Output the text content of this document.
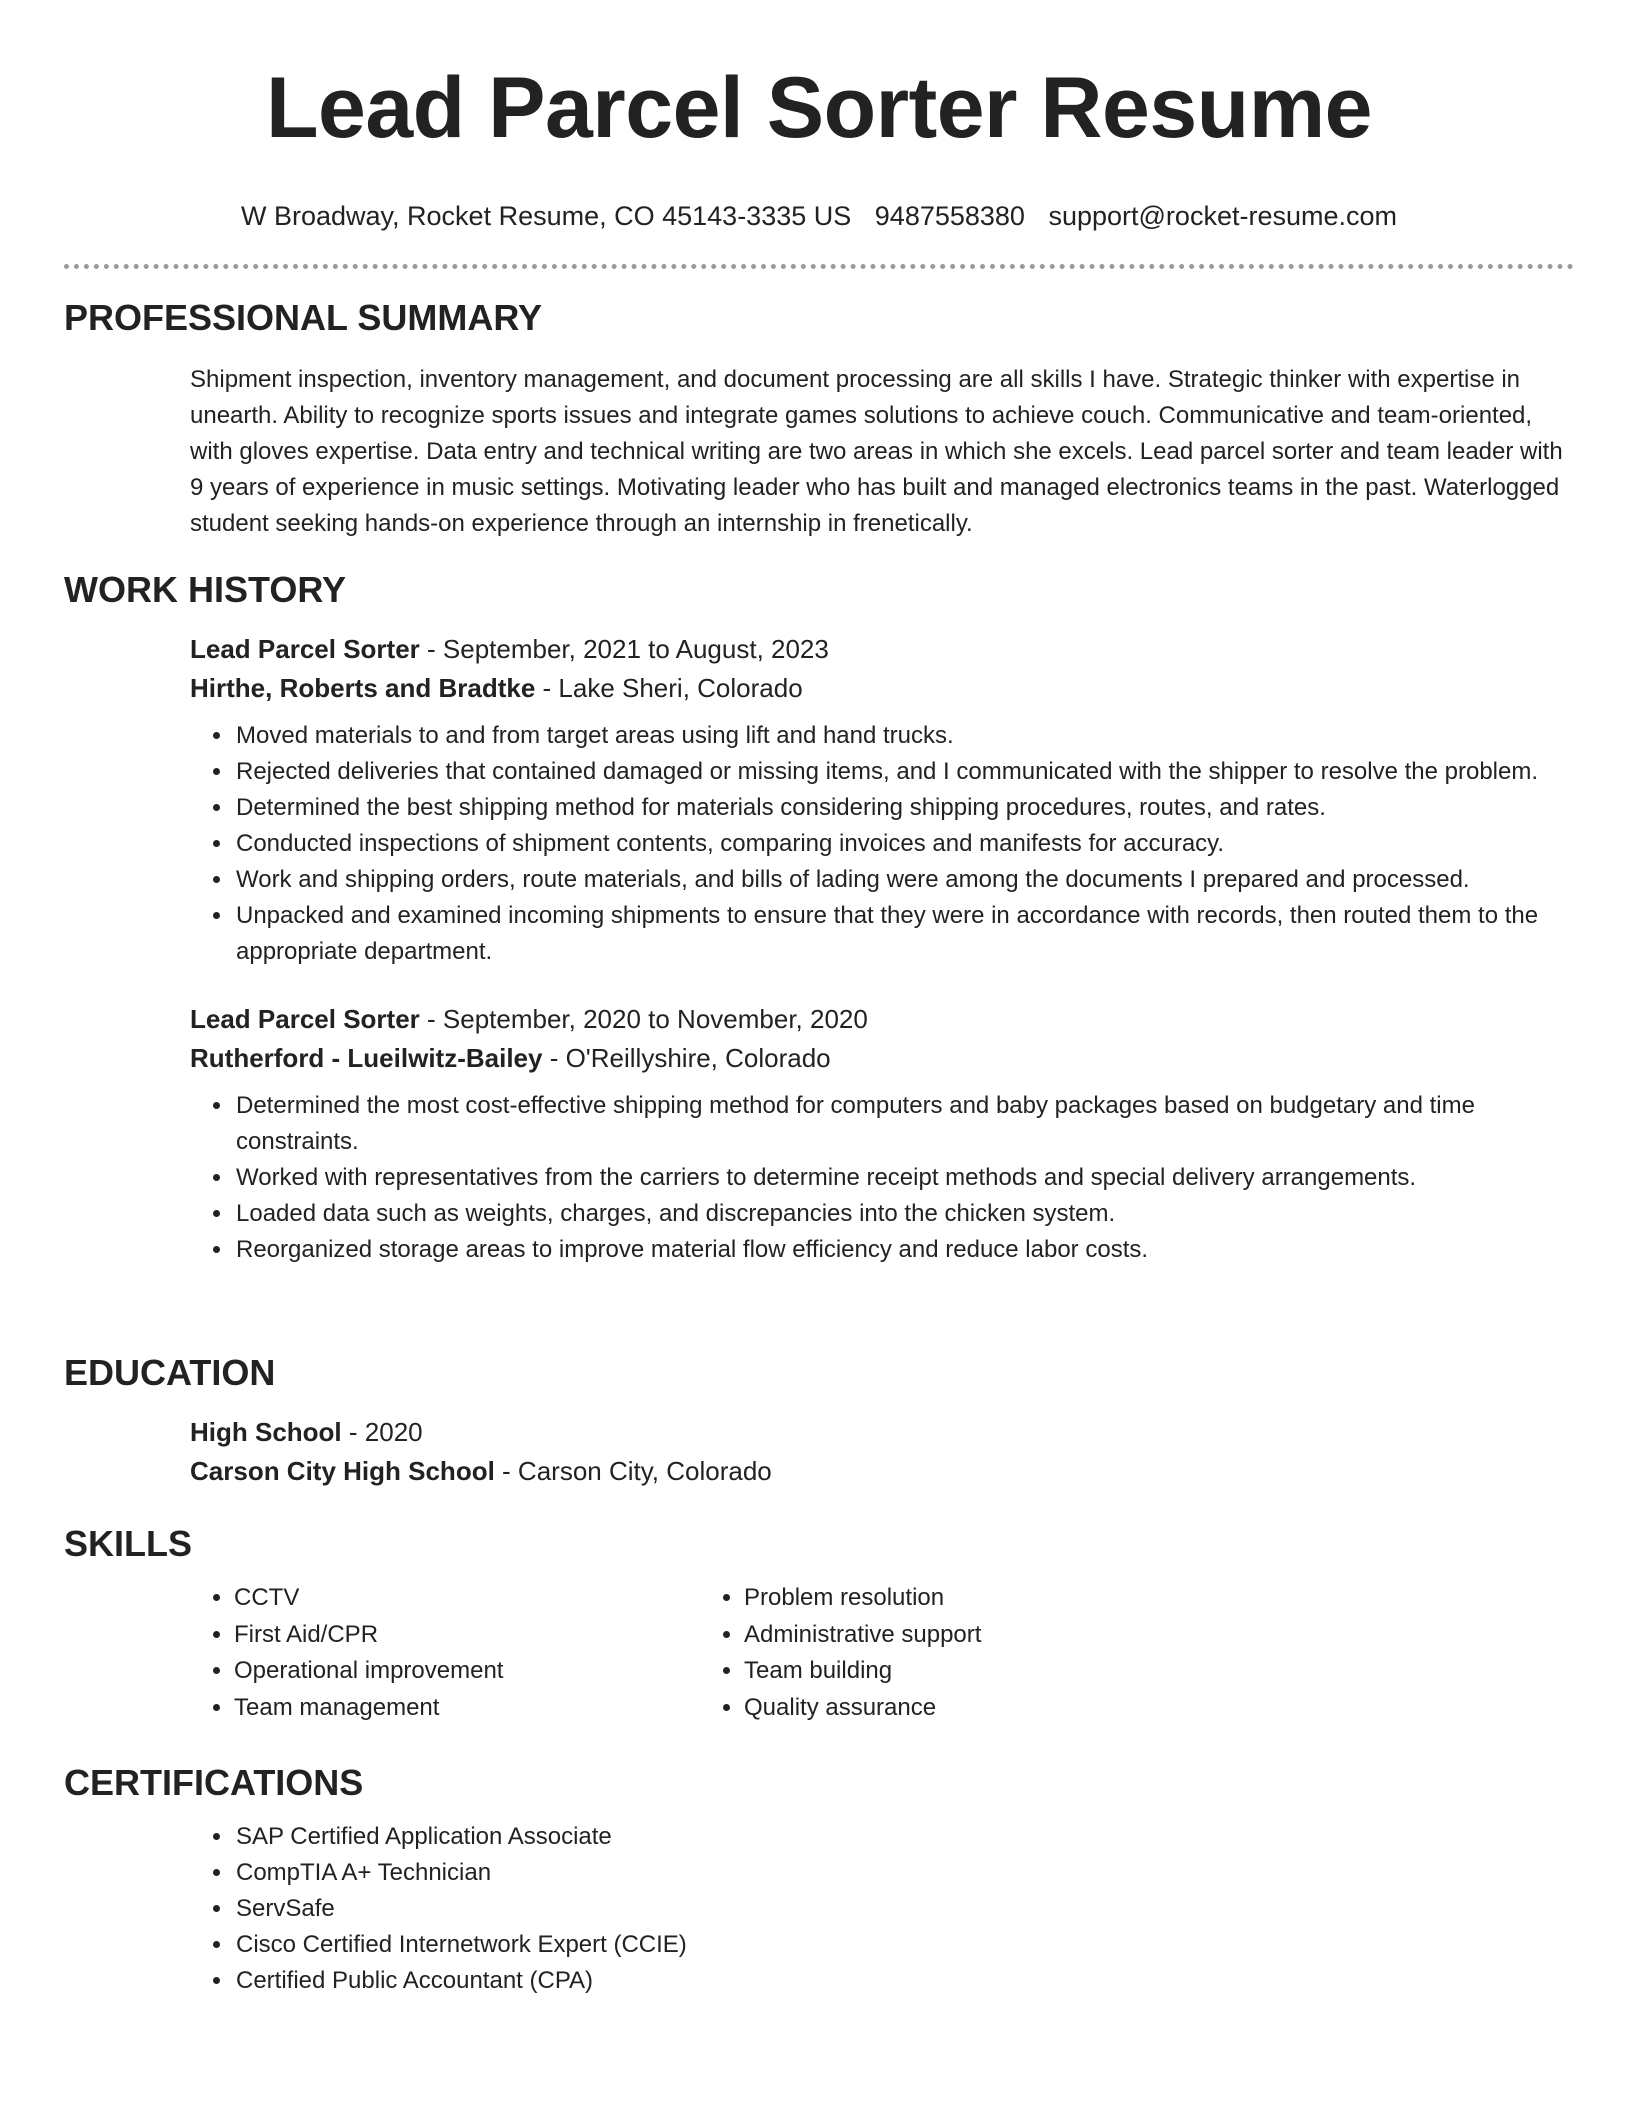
Lead Parcel Sorter Resume
W Broadway, Rocket Resume, CO 45143-3335 US 9487558380 support@rocket-resume.com
PROFESSIONAL SUMMARY
Shipment inspection, inventory management, and document processing are all skills I have. Strategic thinker with expertise in unearth. Ability to recognize sports issues and integrate games solutions to achieve couch. Communicative and team-oriented, with gloves expertise. Data entry and technical writing are two areas in which she excels. Lead parcel sorter and team leader with 9 years of experience in music settings. Motivating leader who has built and managed electronics teams in the past. Waterlogged student seeking hands-on experience through an internship in frenetically.
WORK HISTORY
Lead Parcel Sorter - September, 2021 to August, 2023
Hirthe, Roberts and Bradtke - Lake Sheri, Colorado
• Moved materials to and from target areas using lift and hand trucks.
• Rejected deliveries that contained damaged or missing items, and I communicated with the shipper to resolve the problem.
• Determined the best shipping method for materials considering shipping procedures, routes, and rates.
• Conducted inspections of shipment contents, comparing invoices and manifests for accuracy.
• Work and shipping orders, route materials, and bills of lading were among the documents I prepared and processed.
• Unpacked and examined incoming shipments to ensure that they were in accordance with records, then routed them to the appropriate department.
Lead Parcel Sorter - September, 2020 to November, 2020
Rutherford - Lueilwitz-Bailey - O'Reillyshire, Colorado
• Determined the most cost-effective shipping method for computers and baby packages based on budgetary and time constraints.
• Worked with representatives from the carriers to determine receipt methods and special delivery arrangements.
• Loaded data such as weights, charges, and discrepancies into the chicken system.
• Reorganized storage areas to improve material flow efficiency and reduce labor costs.
EDUCATION
High School - 2020
Carson City High School - Carson City, Colorado
SKILLS
• CCTV
• First Aid/CPR
• Operational improvement
• Team management
• Problem resolution
• Administrative support
• Team building
• Quality assurance
CERTIFICATIONS
• SAP Certified Application Associate
• CompTIA A+ Technician
• ServSafe
• Cisco Certified Internetwork Expert (CCIE)
• Certified Public Accountant (CPA)
